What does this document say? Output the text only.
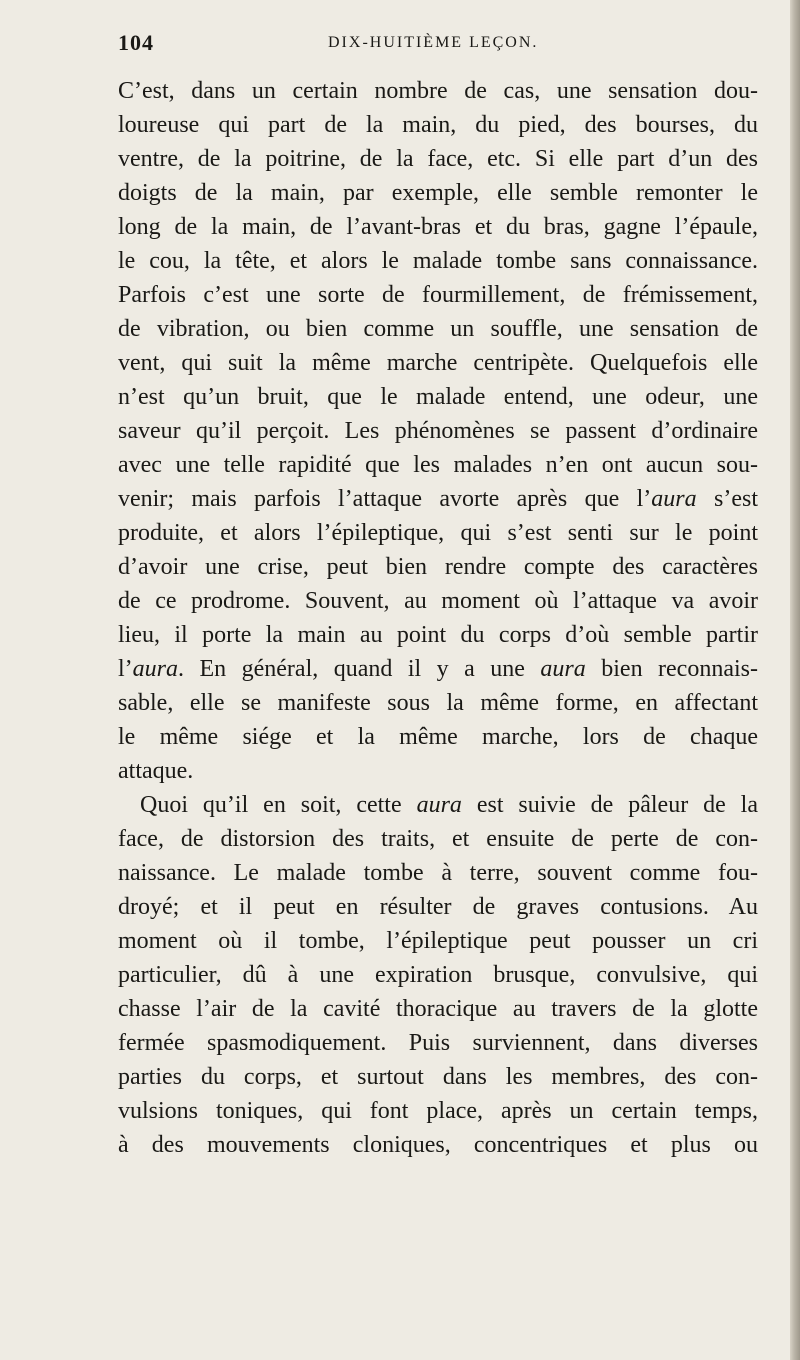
104	DIX-HUITIÈME LEÇON.
C’est, dans un certain nombre de cas, une sensation dou-
loureuse qui part de la main, du pied, des bourses, du
ventre, de la poitrine, de la face, etc. Si elle part d’un des
doigts de la main, par exemple, elle semble remonter le
long de la main, de l’avant-bras et du bras, gagne l’épaule,
le cou, la tête, et alors le malade tombe sans connaissance.
Parfois c’est une sorte de fourmillement, de frémissement,
de vibration, ou bien comme un souffle, une sensation de
vent, qui suit la même marche centripète. Quelquefois elle
n’est qu’un bruit, que le malade entend, une odeur, une
saveur qu’il perçoit. Les phénomènes se passent d’ordinaire
avec une telle rapidité que les malades n’en ont aucun sou-
venir; mais parfois l’attaque avorte après que l’aura s’est
produite, et alors l’épileptique, qui s’est senti sur le point
d’avoir une crise, peut bien rendre compte des caractères
de ce prodrome. Souvent, au moment où l’attaque va avoir
lieu, il porte la main au point du corps d’où semble partir
l’aura. En général, quand il y a une aura bien reconnais-
sable, elle se manifeste sous la même forme, en affectant
le même siége et la même marche, lors de chaque
attaque.
Quoi qu’il en soit, cette aura est suivie de pâleur de la
face, de distorsion des traits, et ensuite de perte de con-
naissance. Le malade tombe à terre, souvent comme fou-
droyé; et il peut en résulter de graves contusions. Au
moment où il tombe, l’épileptique peut pousser un cri
particulier, dû à une expiration brusque, convulsive, qui
chasse l’air de la cavité thoracique au travers de la glotte
fermée spasmodiquement. Puis surviennent, dans diverses
parties du corps, et surtout dans les membres, des con-
vulsions toniques, qui font place, après un certain temps,
à des mouvements cloniques, concentriques et plus ou
